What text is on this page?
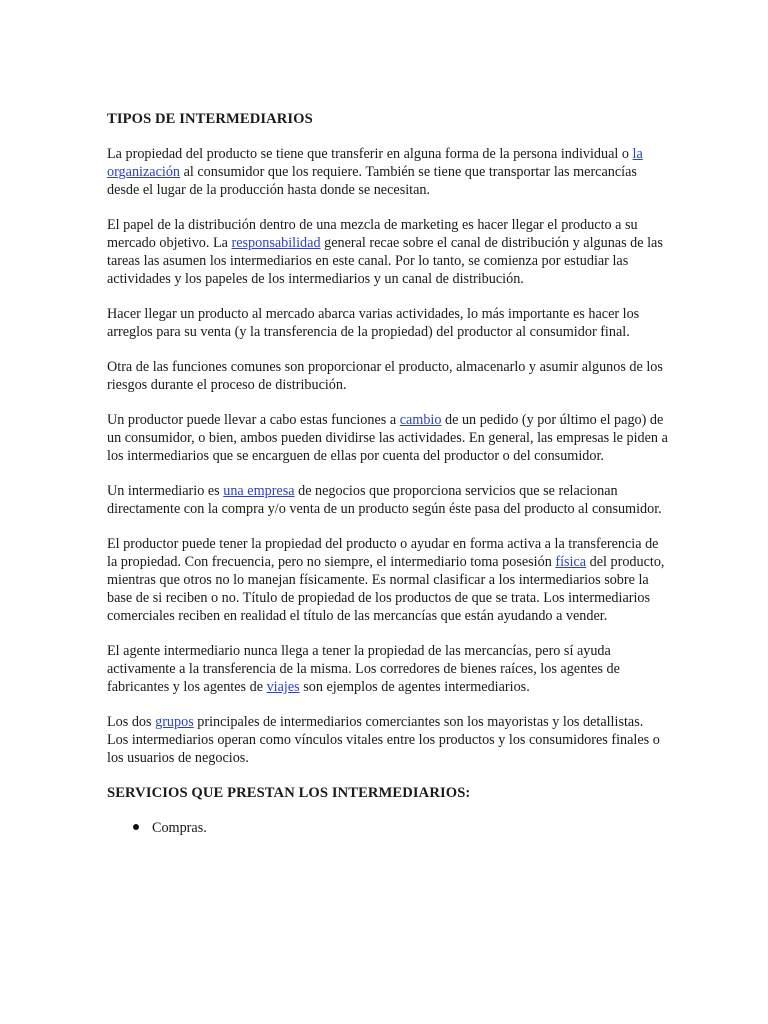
TIPOS DE INTERMEDIARIOS

La propiedad del producto se tiene que transferir en alguna forma de la persona individual o la organización al consumidor que los requiere. También se tiene que transportar las mercancías desde el lugar de la producción hasta donde se necesitan.

El papel de la distribución dentro de una mezcla de marketing es hacer llegar el producto a su mercado objetivo. La responsabilidad general recae sobre el canal de distribución y algunas de las tareas las asumen los intermediarios en este canal. Por lo tanto, se comienza por estudiar las actividades y los papeles de los intermediarios y un canal de distribución.

Hacer llegar un producto al mercado abarca varias actividades, lo más importante es hacer los arreglos para su venta (y la transferencia de la propiedad) del productor al consumidor final.

Otra de las funciones comunes son proporcionar el producto, almacenarlo y asumir algunos de los riesgos durante el proceso de distribución.

Un productor puede llevar a cabo estas funciones a cambio de un pedido (y por último el pago) de un consumidor, o bien, ambos pueden dividirse las actividades. En general, las empresas le piden a los intermediarios que se encarguen de ellas por cuenta del productor o del consumidor.

Un intermediario es una empresa de negocios que proporciona servicios que se relacionan directamente con la compra y/o venta de un producto según éste pasa del producto al consumidor.

El productor puede tener la propiedad del producto o ayudar en forma activa a la transferencia de la propiedad. Con frecuencia, pero no siempre, el intermediario toma posesión física del producto, mientras que otros no lo manejan físicamente. Es normal clasificar a los intermediarios sobre la base de si reciben o no. Título de propiedad de los productos de que se trata. Los intermediarios comerciales reciben en realidad el título de las mercancías que están ayudando a vender.

El agente intermediario nunca llega a tener la propiedad de las mercancías, pero sí ayuda activamente a la transferencia de la misma. Los corredores de bienes raíces, los agentes de fabricantes y los agentes de viajes son ejemplos de agentes intermediarios.

Los dos grupos principales de intermediarios comerciantes son los mayoristas y los detallistas. Los intermediarios operan como vínculos vitales entre los productos y los consumidores finales o los usuarios de negocios.

SERVICIOS QUE PRESTAN LOS INTERMEDIARIOS:
Compras.
